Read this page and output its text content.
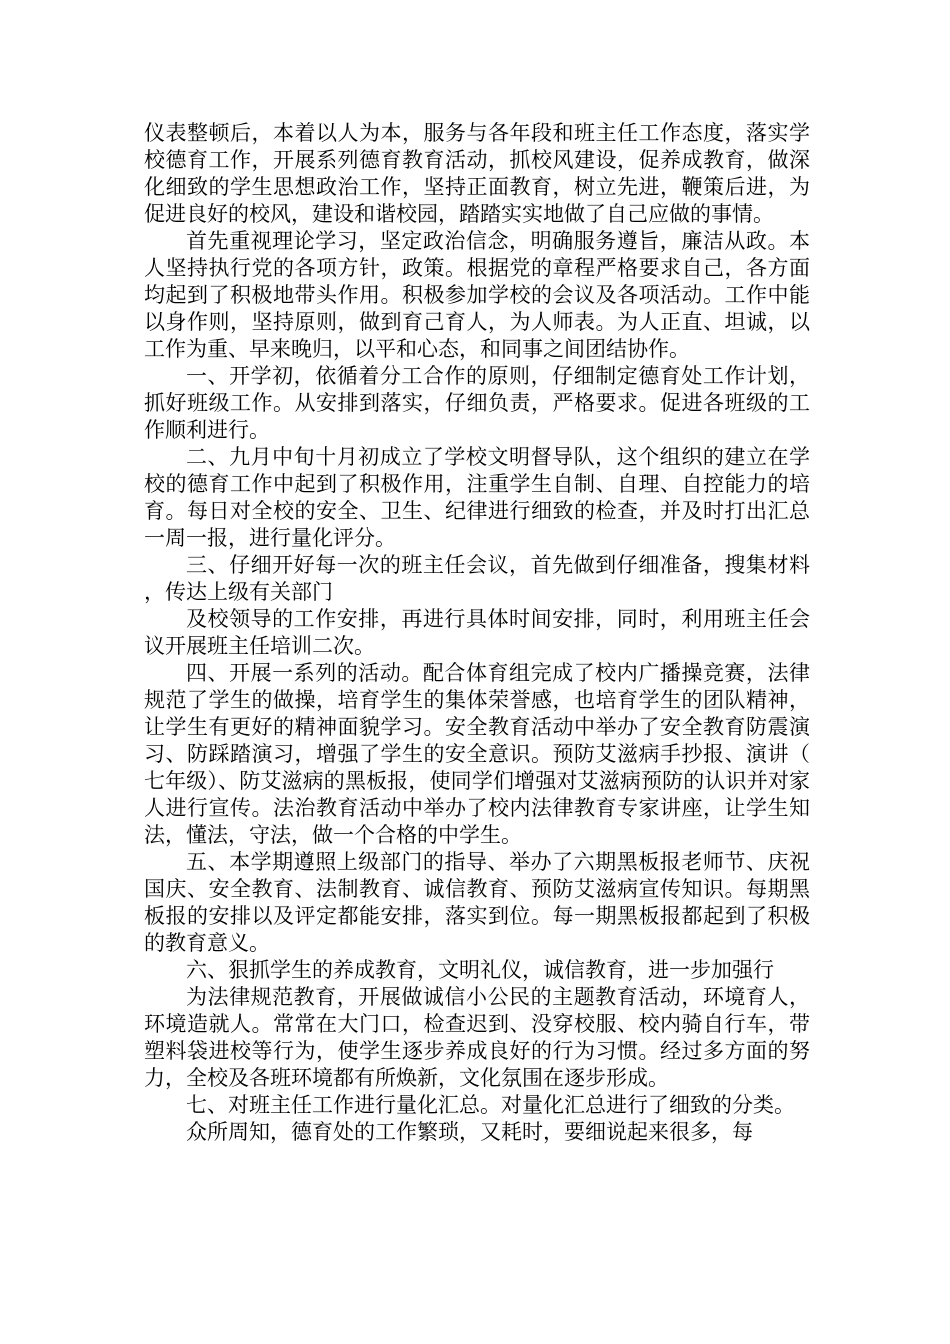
仪表整顿后，本着以人为本，服务与各年段和班主任工作态度，落实学校德育工作，开展系列德育教育活动，抓校风建设，促养成教育，做深化细致的学生思想政治工作，坚持正面教育，树立先进，鞭策后进，为促进良好的校风，建设和谐校园，踏踏实实地做了自己应做的事情。

首先重视理论学习，坚定政治信念，明确服务遵旨，廉洁从政。本人坚持执行党的各项方针，政策。根据党的章程严格要求自己，各方面均起到了积极地带头作用。积极参加学校的会议及各项活动。工作中能以身作则，坚持原则，做到育己育人，为人师表。为人正直、坦诚，以工作为重、早来晚归，以平和心态，和同事之间团结协作。

一、开学初，依循着分工合作的原则，仔细制定德育处工作计划，抓好班级工作。从安排到落实，仔细负责，严格要求。促进各班级的工作顺利进行。

二、九月中旬十月初成立了学校文明督导队，这个组织的建立在学校的德育工作中起到了积极作用，注重学生自制、自理、自控能力的培育。每日对全校的安全、卫生、纪律进行细致的检查，并及时打出汇总一周一报，进行量化评分。

三、仔细开好每一次的班主任会议，首先做到仔细准备，搜集材料，传达上级有关部门

及校领导的工作安排，再进行具体时间安排，同时，利用班主任会议开展班主任培训二次。

四、开展一系列的活动。配合体育组完成了校内广播操竞赛，法律规范了学生的做操，培育学生的集体荣誉感，也培育学生的团队精神，让学生有更好的精神面貌学习。安全教育活动中举办了安全教育防震演习、防踩踏演习，增强了学生的安全意识。预防艾滋病手抄报、演讲（七年级）、防艾滋病的黑板报，使同学们增强对艾滋病预防的认识并对家人进行宣传。法治教育活动中举办了校内法律教育专家讲座，让学生知法，懂法，守法，做一个合格的中学生。

五、本学期遵照上级部门的指导、举办了六期黑板报老师节、庆祝国庆、安全教育、法制教育、诚信教育、预防艾滋病宣传知识。每期黑板报的安排以及评定都能安排，落实到位。每一期黑板报都起到了积极的教育意义。

六、狠抓学生的养成教育，文明礼仪，诚信教育，进一步加强行

为法律规范教育，开展做诚信小公民的主题教育活动，环境育人，环境造就人。常常在大门口，检查迟到、没穿校服、校内骑自行车，带塑料袋进校等行为，使学生逐步养成良好的行为习惯。经过多方面的努力，全校及各班环境都有所焕新，文化氛围在逐步形成。

七、对班主任工作进行量化汇总。对量化汇总进行了细致的分类。

众所周知，德育处的工作繁琐，又耗时，要细说起来很多，每
